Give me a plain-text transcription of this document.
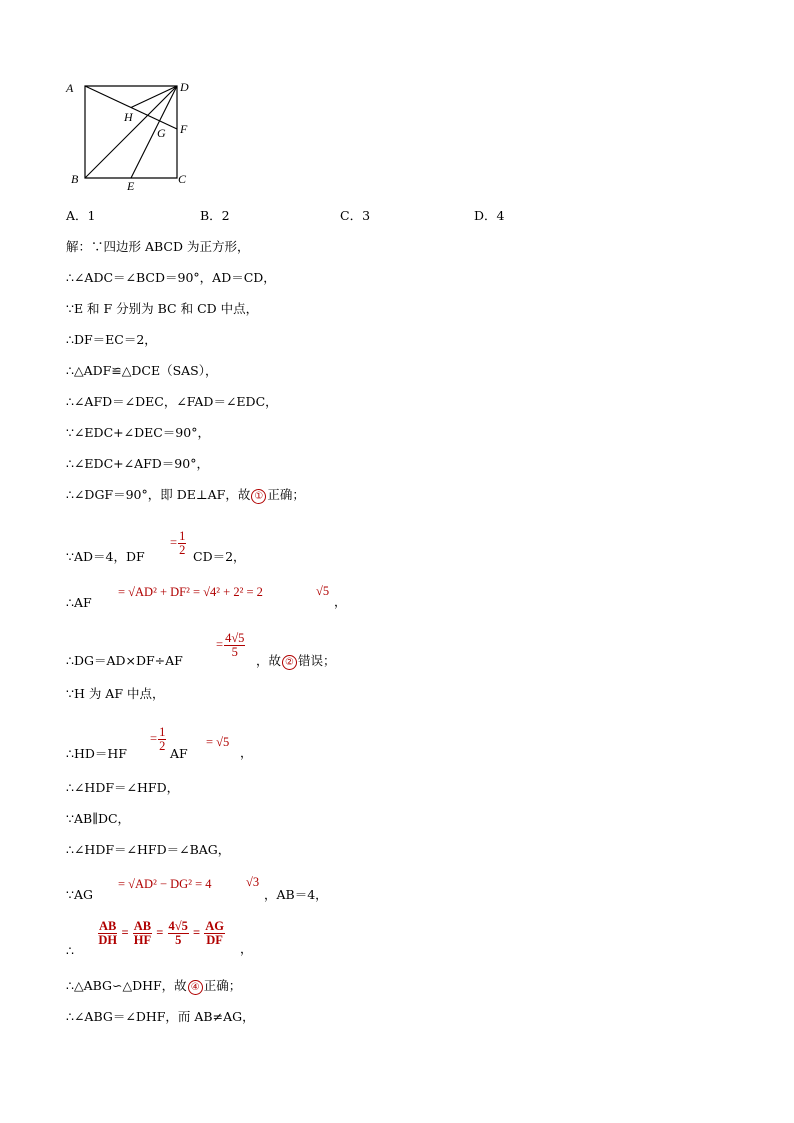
A	D
H
G F
B	C
E
A．1	B．2	C．3	D．4
解：∵四边形 ABCD 为正方形，
∴∠ADC＝∠BCD＝90°，AD＝CD，
∵E 和 F 分别为 BC 和 CD 中点，
∴DF＝EC＝2，
∴△ADF≌△DCE（SAS），
∴∠AFD＝∠DEC，∠FAD＝∠EDC，
∵∠EDC+∠DEC＝90°，
∴∠EDC+∠AFD＝90°，
∴∠DGF＝90°，即 DE⊥AF，故 ① 正确；
∵AD＝4，DF
= $\frac{1}{2} CD=2$，
∴AF
= √AD² + DF² = √4² + 2² = 2	√5
，
∴DG＝AD×DF÷AF
= $\frac{4√5}{5}$
，故 ② 错误；
∵H 为 AF 中点，
∴HD＝HF
= $\frac{1}{2}$
AF
= √5
，
∴∠HDF＝∠HFD，
∵AB∥DC，
∴∠HDF＝∠HFD＝∠BAG，
∵AG
= √AD² − DG² = 4	√3
，AB＝4，
∴
$\frac{AB}{DH} = \frac{AB}{HF} = \frac{4√5}{5} = \frac{AG}{DF}$
，
∴△ABG∽△DHF，故 ④ 正确；
∴∠ABG＝∠DHF，而 AB≠AG，
